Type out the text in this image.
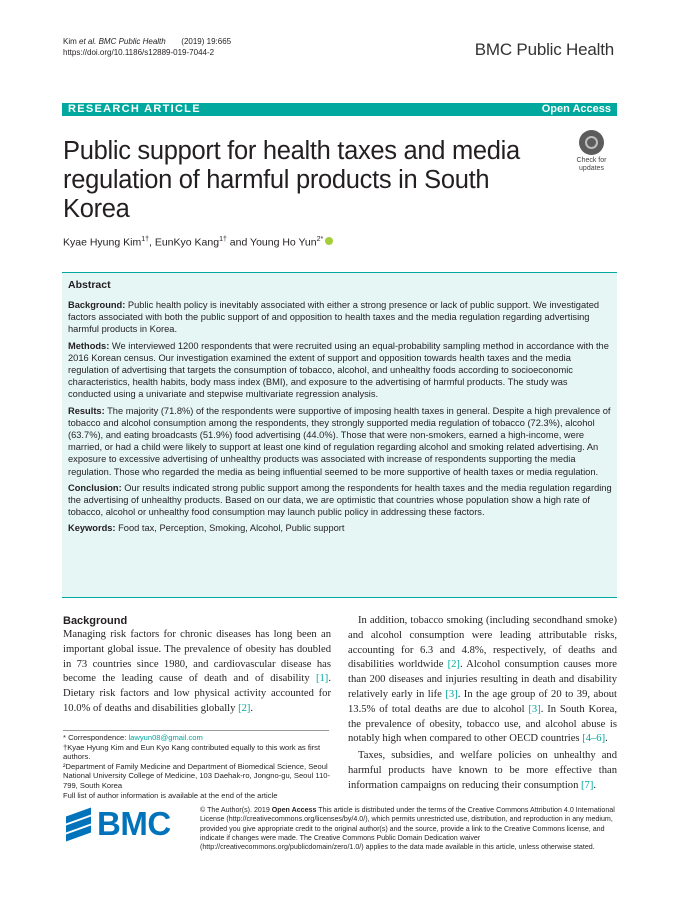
Kim et al. BMC Public Health (2019) 19:665
https://doi.org/10.1186/s12889-019-7044-2	BMC Public Health
RESEARCH ARTICLE	Open Access
Public support for health taxes and media regulation of harmful products in South Korea
Check for
updates
Kyae Hyung Kim$^{1\dagger}$, EunKyo Kang$^{1\dagger}$ and Young Ho Yun$^{2*}$
Abstract

Background: Public health policy is inevitably associated with either a strong presence or lack of public support. We investigated factors associated with both the public support of and opposition to health taxes and the media regulation regarding advertising harmful products in Korea.

Methods: We interviewed 1200 respondents that were recruited using an equal-probability sampling method in accordance with the 2016 Korean census. Our investigation examined the extent of support and opposition towards health taxes and the media regulation of advertising that targets the consumption of tobacco, alcohol, and unhealthy foods according to socioeconomic characteristics, health habits, body mass index (BMI), and exposure to the advertising of harmful products. The study was conducted using a univariate and stepwise multivariate regression analysis.

Results: The majority (71.8%) of the respondents were supportive of imposing health taxes in general. Despite a high prevalence of tobacco and alcohol consumption among the respondents, they strongly supported media regulation of tobacco (72.3%), alcohol (63.7%), and eating broadcasts (51.9%) food advertising (44.0%). Those that were non-smokers, earned a high-income, were married, or had a child were likely to support at least one kind of regulation regarding alcohol and smoking related advertising. An exposure to excessive advertising of unhealthy products was associated with increase of respondents supporting the media regulation. Those who regarded the media as being influential seemed to be more supportive of health taxes or media regulation.

Conclusion: Our results indicated strong public support among the respondents for health taxes and the media regulation regarding the advertising of unhealthy products. Based on our data, we are optimistic that countries whose population show a high rate of tobacco, alcohol or unhealthy food consumption may launch public policy in addressing these factors.

Keywords: Food tax, Perception, Smoking, Alcohol, Public support

Background

Managing risk factors for chronic diseases has long been an important global issue. The prevalence of obesity has doubled in 73 countries since 1980, and cardiovascular disease has become the leading cause of death and of disability [1]. Dietary risk factors and low physical activity accounted for 10.0% of deaths and disabilities globally [2].

In addition, tobacco smoking (including secondhand smoke) and alcohol consumption were leading attributable risks, accounting for 6.3 and 4.8%, respectively, of deaths and disabilities worldwide [2]. Alcohol consumption causes more than 200 diseases and injuries resulting in death and disability relatively early in life [3]. In the age group of 20 to 39, about 13.5% of total deaths are due to alcohol [3]. In South Korea, the prevalence of obesity, tobacco use, and alcohol abuse is notably high when compared to other OECD countries [4–6].

Taxes, subsidies, and welfare policies on unhealthy and harmful products have known to be more effective than information campaigns on reducing their consumption [7].

* Correspondence: lawyun08@gmail.com
†Kyae Hyung Kim and Eun Kyo Kang contributed equally to this work as first authors.
²Department of Family Medicine and Department of Biomedical Science, Seoul National University College of Medicine, 103 Daehak-ro, Jongno-gu, Seoul 110-799, South Korea
Full list of author information is available at the end of the article
BMC	© The Author(s). 2019 Open Access This article is distributed under the terms of the Creative Commons Attribution 4.0 International License (http://creativecommons.org/licenses/by/4.0/), which permits unrestricted use, distribution, and reproduction in any medium, provided you give appropriate credit to the original author(s) and the source, provide a link to the Creative Commons license, and indicate if changes were made. The Creative Commons Public Domain Dedication waiver (http://creativecommons.org/publicdomain/zero/1.0/) applies to the data made available in this article, unless otherwise stated.
